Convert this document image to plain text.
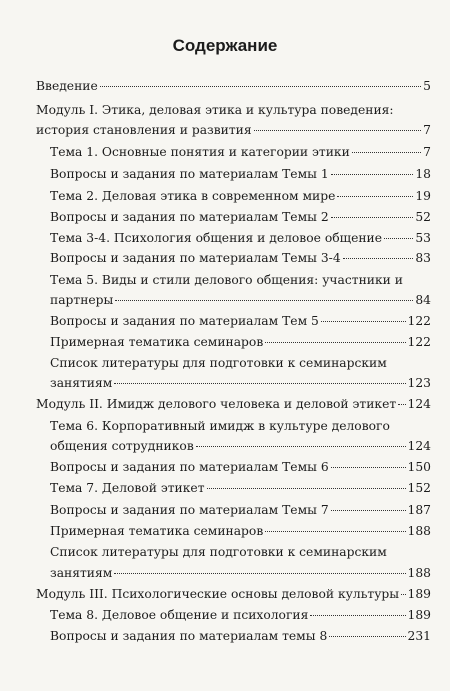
Содержание
Введение	5
Модуль I. Этика, деловая этика и культура поведения:
история становления и развития	7
Тема 1. Основные понятия и категории этики	7
Вопросы и задания по материалам Темы 1	18
Тема 2. Деловая этика в современном мире	19
Вопросы и задания по материалам Темы 2	52
Тема 3-4. Психология общения и деловое общение	53
Вопросы и задания по материалам Темы 3-4	83
Тема 5. Виды и стили делового общения: участники и
партнеры	84
Вопросы и задания по материалам Тем 5	122
Примерная тематика семинаров	122
Список литературы для подготовки к семинарским
занятиям	123
Модуль II. Имидж делового человека и деловой этикет 124
Тема 6. Корпоративный имидж в культуре делового
общения сотрудников	124
Вопросы и задания по материалам Темы 6	150
Тема 7. Деловой этикет	152
Вопросы и задания по материалам Темы 7	187
Примерная тематика семинаров	188
Список литературы для подготовки к семинарским
занятиям	188
Модуль III. Психологические основы деловой культуры 189
Тема 8. Деловое общение и психология	189
Вопросы и задания по материалам темы 8	231
